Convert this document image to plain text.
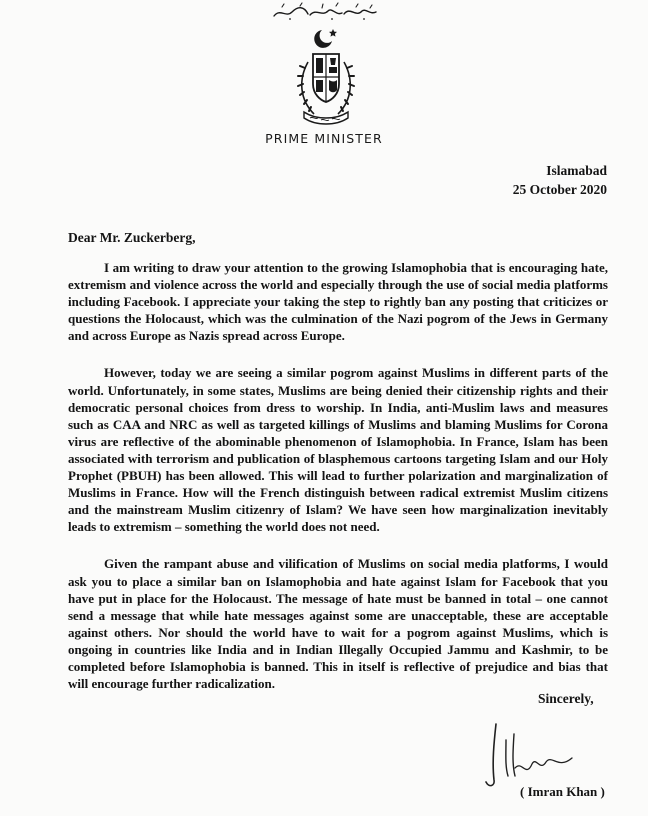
PRIME MINISTER
Islamabad
25 October 2020
Dear Mr. Zuckerberg,

I am writing to draw your attention to the growing Islamophobia that is encouraging hate, extremism and violence across the world and especially through the use of social media platforms including Facebook. I appreciate your taking the step to rightly ban any posting that criticizes or questions the Holocaust, which was the culmination of the Nazi pogrom of the Jews in Germany and across Europe as Nazis spread across Europe.

However, today we are seeing a similar pogrom against Muslims in different parts of the world. Unfortunately, in some states, Muslims are being denied their citizenship rights and their democratic personal choices from dress to worship. In India, anti-Muslim laws and measures such as CAA and NRC as well as targeted killings of Muslims and blaming Muslims for Corona virus are reflective of the abominable phenomenon of Islamophobia. In France, Islam has been associated with terrorism and publication of blasphemous cartoons targeting Islam and our Holy Prophet (PBUH) has been allowed. This will lead to further polarization and marginalization of Muslims in France. How will the French distinguish between radical extremist Muslim citizens and the mainstream Muslim citizenry of Islam? We have seen how marginalization inevitably leads to extremism – something the world does not need.

Given the rampant abuse and vilification of Muslims on social media platforms, I would ask you to place a similar ban on Islamophobia and hate against Islam for Facebook that you have put in place for the Holocaust. The message of hate must be banned in total – one cannot send a message that while hate messages against some are unacceptable, these are acceptable against others. Nor should the world have to wait for a pogrom against Muslims, which is ongoing in countries like India and in Indian Illegally Occupied Jammu and Kashmir, to be completed before Islamophobia is banned. This in itself is reflective of prejudice and bias that will encourage further radicalization.

Sincerely,
( Imran Khan )
